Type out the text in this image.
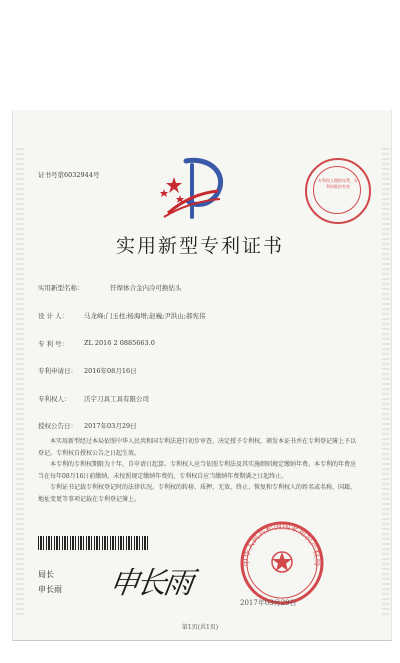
证书号第6032944号
专利权人缴纳年费，专利权维持有效
实用新型专利证书
实用新型名称：	钎焊体合金内冷可换钻头
设 计 人： 马龙峰;门玉柱;杨海增;赵巍;尹洪山;郝宪伟
专 利 号： ZL 2016 2 0885663.0
专利申请日： 2016年08月16日
专利权人： 沃宇刀具工具有限公司
授权公告日： 2017年03月29日

本实用新型经过本局依照中华人民共和国专利法进行初步审查，决定授予专利权，颁发本证书并在专利登记簿上予以登记。专利权自授权公告之日起生效。

本专利的专利权期限为十年，自申请日起算。专利权人应当依照专利法及其实施细则规定缴纳年费。本专利的年费应当在每年08月16日前缴纳。未按照规定缴纳年费的，专利权自应当缴纳年费期满之日起终止。

专利证书记载专利权登记时的法律状况。专利权的转移、质押、无效、终止、恢复和专利权人的姓名或名称、国籍、地址变更等事项记载在专利登记簿上。

局长
申长雨 申长雨
中华人民共和国国家知识产权局
2017年03月29日
第1页(共1页)
